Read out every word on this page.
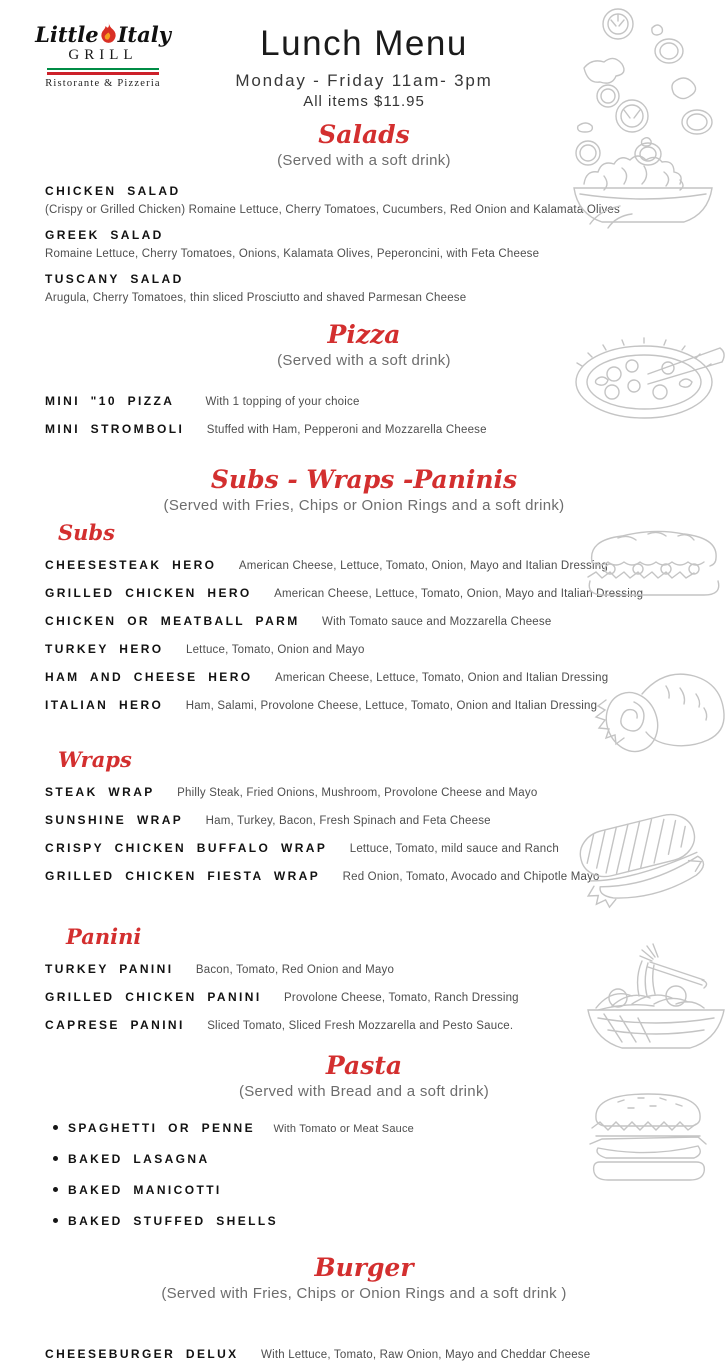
Little Italy
GRILL
Ristorante & Pizzeria
Lunch Menu
Monday - Friday 11am- 3pm
All items $11.95
Salads
(Served with a soft drink)
CHICKEN SALAD
(Crispy or Grilled Chicken) Romaine Lettuce, Cherry Tomatoes, Cucumbers, Red Onion and Kalamata Olives
GREEK SALAD
Romaine Lettuce, Cherry Tomatoes, Onions, Kalamata Olives, Peperoncini, with Feta Cheese
TUSCANY SALAD
Arugula, Cherry Tomatoes, thin sliced Prosciutto and shaved Parmesan Cheese
Pizza
(Served with a soft drink)
MINI "10 PIZZA	With 1 topping of your choice
MINI STROMBOLI Stuffed with Ham, Pepperoni and Mozzarella Cheese
Subs - Wraps -Paninis
(Served with Fries, Chips or Onion Rings and a soft drink)
Subs
CHEESESTEAK HERO American Cheese, Lettuce, Tomato, Onion, Mayo and Italian Dressing
GRILLED CHICKEN HERO American Cheese, Lettuce, Tomato, Onion, Mayo and Italian Dressing
CHICKEN OR MEATBALL PARM With Tomato sauce and Mozzarella Cheese
TURKEY HERO Lettuce, Tomato, Onion and Mayo
HAM AND CHEESE HERO American Cheese, Lettuce, Tomato, Onion and Italian Dressing
ITALIAN HERO Ham, Salami, Provolone Cheese, Lettuce, Tomato, Onion and Italian Dressing
Wraps
STEAK WRAP Philly Steak, Fried Onions, Mushroom, Provolone Cheese and Mayo
SUNSHINE WRAP Ham, Turkey, Bacon, Fresh Spinach and Feta Cheese
CRISPY CHICKEN BUFFALO WRAP Lettuce, Tomato, mild sauce and Ranch
GRILLED CHICKEN FIESTA WRAP Red Onion, Tomato, Avocado and Chipotle Mayo
Panini
TURKEY PANINI Bacon, Tomato, Red Onion and Mayo
GRILLED CHICKEN PANINI Provolone Cheese, Tomato, Ranch Dressing
CAPRESE PANINI Sliced Tomato, Sliced Fresh Mozzarella and Pesto Sauce.
Pasta
(Served with Bread and a soft drink)
SPAGHETTI OR PENNE With Tomato or Meat Sauce
BAKED LASAGNA
BAKED MANICOTTI
BAKED STUFFED SHELLS
Burger
(Served with Fries, Chips or Onion Rings and a soft drink )
CHEESEBURGER DELUX With Lettuce, Tomato, Raw Onion, Mayo and Cheddar Cheese
